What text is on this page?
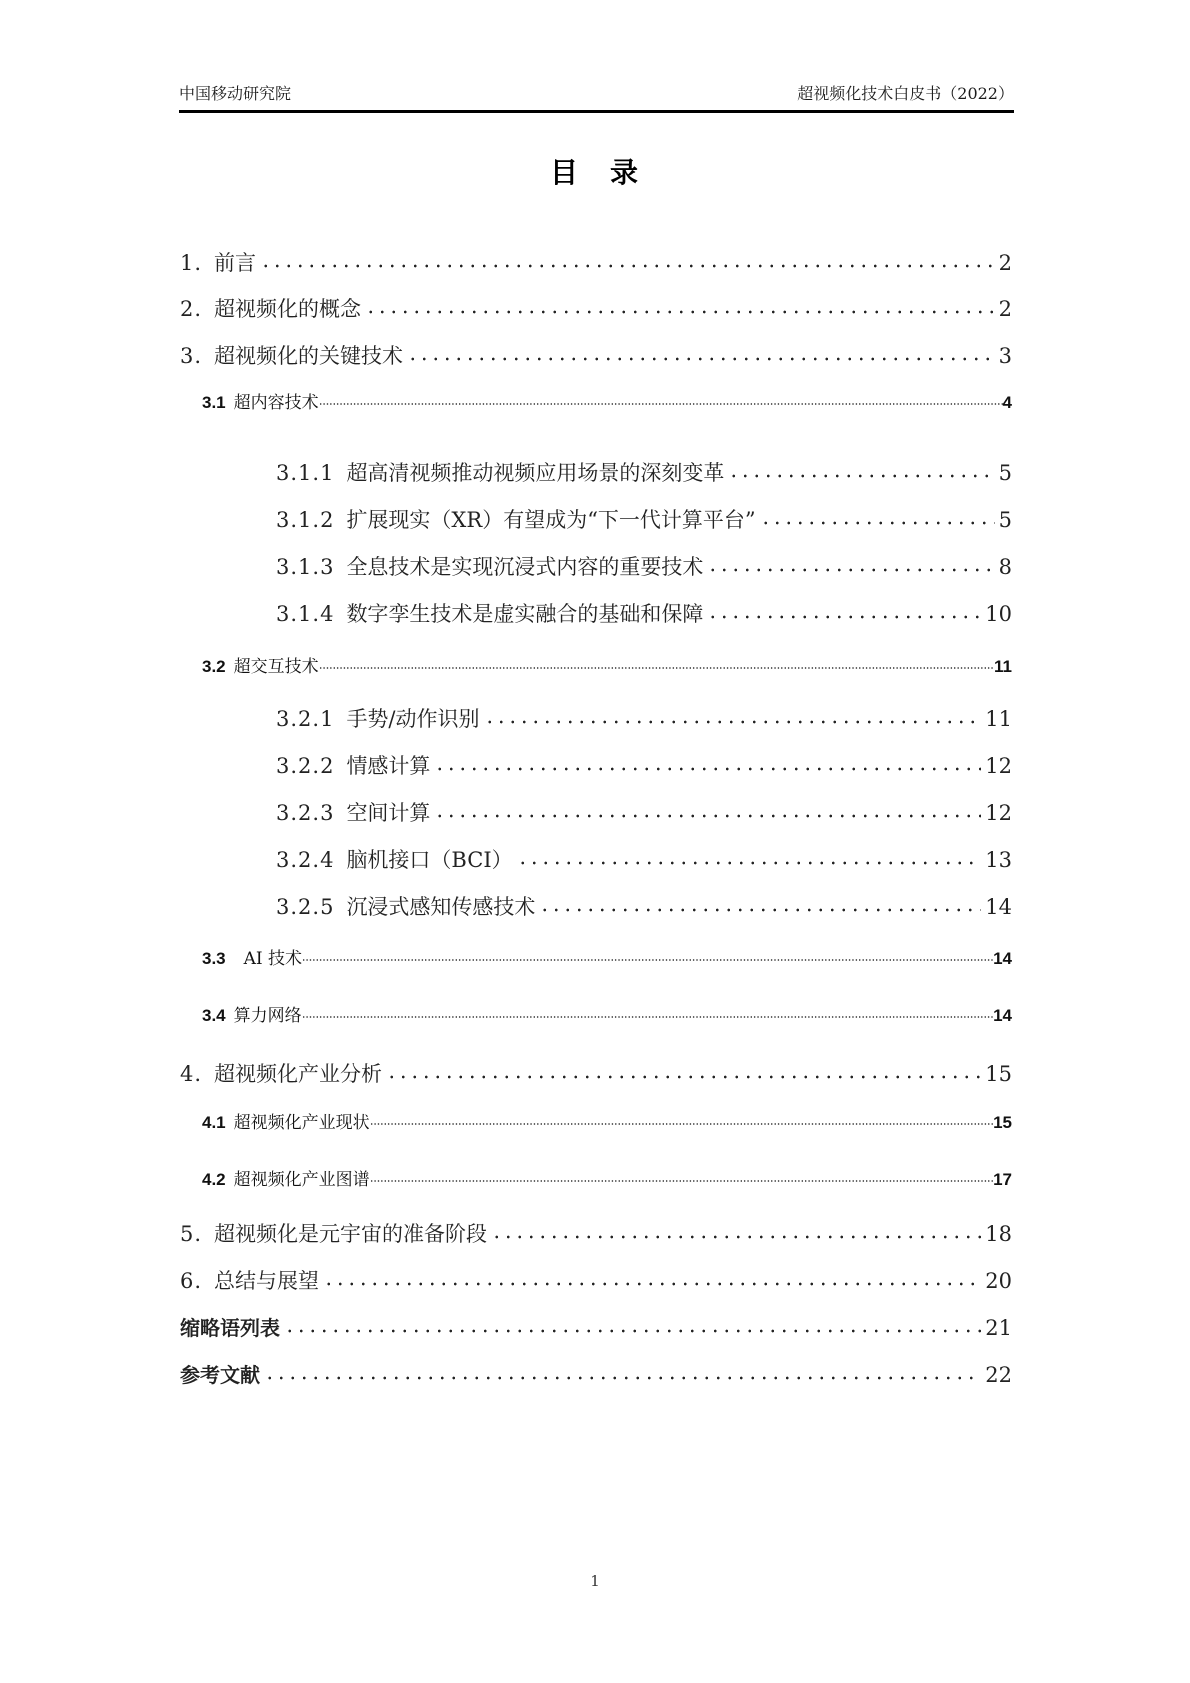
中国移动研究院	超视频化技术白皮书（2022）
目　录
1. 前言	2
2. 超视频化的概念	2
3. 超视频化的关键技术	3
3.1 超内容技术	4
3.1.1 超高清视频推动视频应用场景的深刻变革	5
3.1.2 扩展现实（XR）有望成为“下一代计算平台”	5
3.1.3 全息技术是实现沉浸式内容的重要技术	8
3.1.4 数字孪生技术是虚实融合的基础和保障	10
3.2 超交互技术	11
3.2.1 手势/动作识别	11
3.2.2 情感计算	12
3.2.3 空间计算	12
3.2.4 脑机接口（BCI）	13
3.2.5 沉浸式感知传感技术	14
3.3 AI 技术	14
3.4 算力网络	14
4. 超视频化产业分析	15
4.1 超视频化产业现状	15
4.2 超视频化产业图谱	17
5. 超视频化是元宇宙的准备阶段	18
6. 总结与展望	20
缩略语列表	21
参考文献	22
1
